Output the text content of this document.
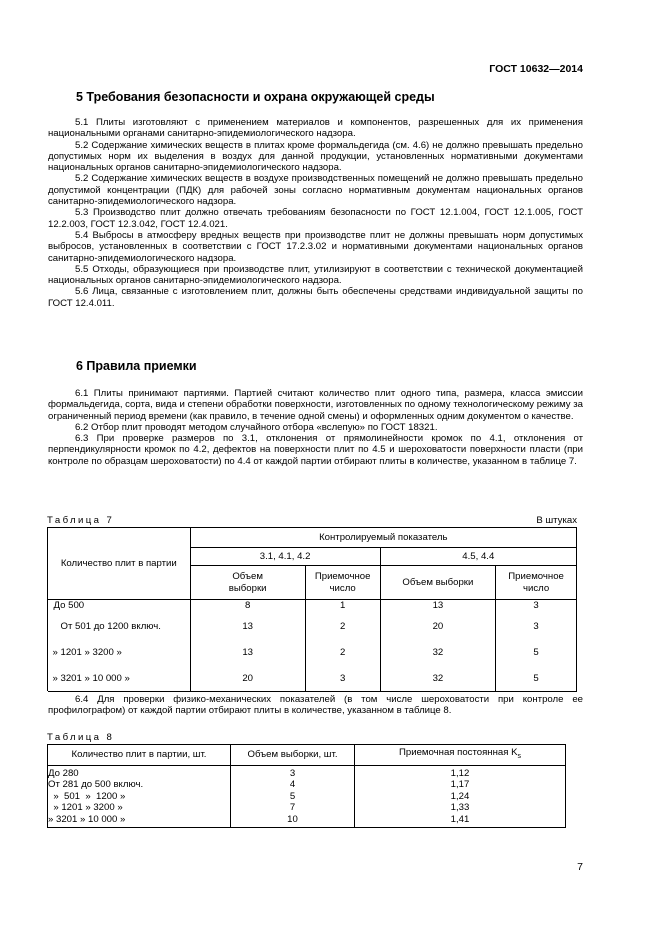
ГОСТ 10632—2014
5 Требования безопасности и охрана окружающей среды

5.1 Плиты изготовляют с применением материалов и компонентов, разрешенных для их применения национальными органами санитарно-эпидемиологического надзора.

5.2 Содержание химических веществ в плитах кроме формальдегида (см. 4.6) не должно превышать предельно допустимых норм их выделения в воздух для данной продукции, установленных нормативными документами национальных органов санитарно-эпидемиологического надзора.

5.2 Содержание химических веществ в воздухе производственных помещений не должно превышать предельно допустимой концентрации (ПДК) для рабочей зоны согласно нормативным документам национальных органов санитарно-эпидемиологического надзора.

5.3 Производство плит должно отвечать требованиям безопасности по ГОСТ 12.1.004, ГОСТ 12.1.005, ГОСТ 12.2.003, ГОСТ 12.3.042, ГОСТ 12.4.021.

5.4 Выбросы в атмосферу вредных веществ при производстве плит не должны превышать норм допустимых выбросов, установленных в соответствии с ГОСТ 17.2.3.02 и нормативными документами национальных органов санитарно-эпидемиологического надзора.

5.5 Отходы, образующиеся при производстве плит, утилизируют в соответствии с технической документацией национальных органов санитарно-эпидемиологического надзора.

5.6 Лица, связанные с изготовлением плит, должны быть обеспечены средствами индивидуальной защиты по ГОСТ 12.4.011.

6 Правила приемки

6.1 Плиты принимают партиями. Партией считают количество плит одного типа, размера, класса эмиссии формальдегида, сорта, вида и степени обработки поверхности, изготовленных по одному технологическому режиму за ограниченный период времени (как правило, в течение одной смены) и оформленных одним документом о качестве.

6.2 Отбор плит проводят методом случайного отбора «вслепую» по ГОСТ 18321.

6.3 При проверке размеров по 3.1, отклонения от прямолинейности кромок по 4.1, отклонения от перпендикулярности кромок по 4.2, дефектов на поверхности плит по 4.5 и шероховатости поверхности пласти (при контроле по образцам шероховатости) по 4.4 от каждой партии отбирают плиты в количестве, указанном в таблице 7.

Таблица 7	В штуках
Количество плит в партии	Контролируемый показатель			
	3.1, 4.1, 4.2		4.5, 4.4	
	Объем выборки	Приемочное число	Объем выборки	Приемочное число
До 500	8	1	13	3
От 501 до 1200 включ.	13	2	20	3
» 1201 » 3200 »	13	2	32	5
» 3201 » 10 000 »	20	3	32	5

6.4 Для проверки физико-механических показателей (в том числе шероховатости при контроле ее профилографом) от каждой партии отбирают плиты в количестве, указанном в таблице 8.

Таблица 8
Количество плит в партии, шт.	Объем выборки, шт.	Приемочная постоянная $K_s$
До 280	3	1,12
От 281 до 500 включ.	4	1,17
»  501  »  1200 »	5	1,24
» 1201 » 3200 »	7	1,33
» 3201 » 10 000 »	10	1,41
7
